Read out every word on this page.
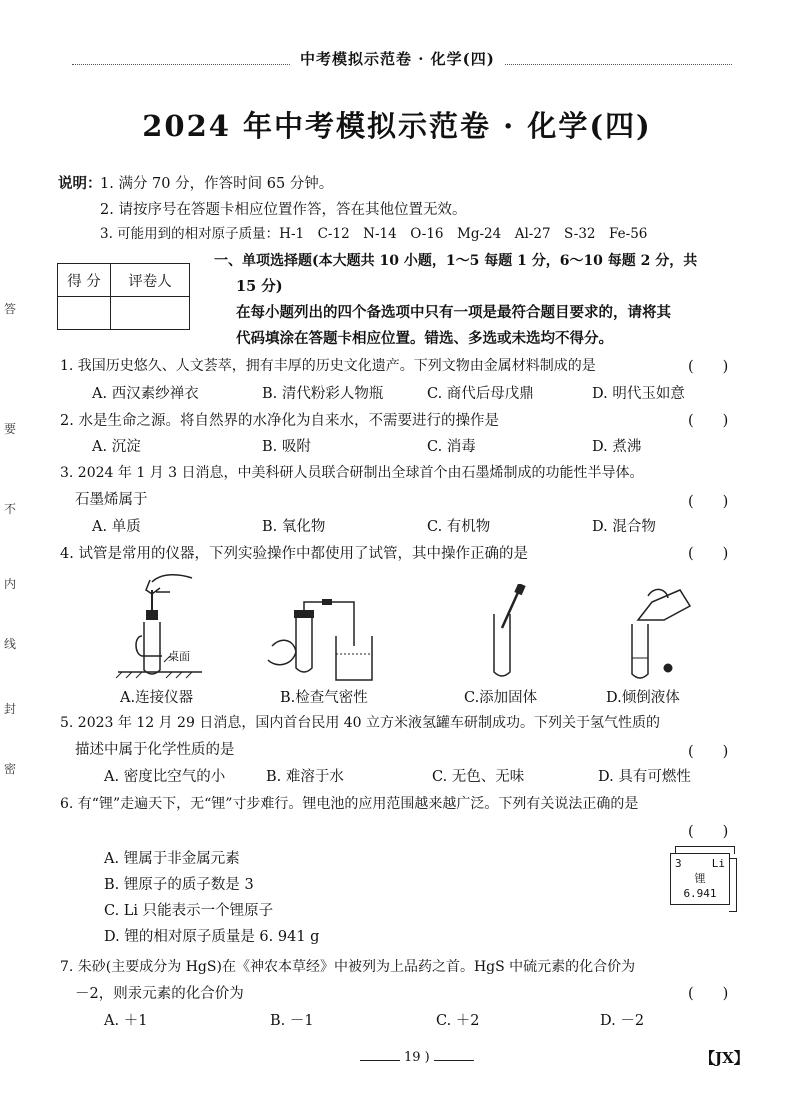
中考模拟示范卷 · 化学(四)
答
要
不
内
线
封
密
2024 年中考模拟示范卷 · 化学(四)
说明：
1. 满分 70 分，作答时间 65 分钟。
2. 请按序号在答题卡相应位置作答，答在其他位置无效。
3. 可能用到的相对原子质量：H-1　C-12　N-14　O-16　Mg-24　Al-27　S-32　Fe-56
得 分	评卷人

一、单项选择题(本大题共 10 小题，1～5 每题 1 分，6～10 每题 2 分，共
15 分)
在每小题列出的四个备选项中只有一项是最符合题目要求的，请将其
代码填涂在答题卡相应位置。错选、多选或未选均不得分。
1. 我国历史悠久、人文荟萃，拥有丰厚的历史文化遗产。下列文物由金属材料制成的是	(　　)
A. 西汉素纱禅衣	B. 清代粉彩人物瓶	C. 商代后母戊鼎	D. 明代玉如意
2. 水是生命之源。将自然界的水净化为自来水，不需要进行的操作是	(　　)
A. 沉淀	B. 吸附	C. 消毒	D. 煮沸
3. 2024 年 1 月 3 日消息，中美科研人员联合研制出全球首个由石墨烯制成的功能性半导体。
石墨烯属于	(　　)
A. 单质	B. 氧化物	C. 有机物	D. 混合物
4. 试管是常用的仪器，下列实验操作中都使用了试管，其中操作正确的是	(　　)
桌面
A.连接仪器	B.检查气密性	C.添加固体	D.倾倒液体
5. 2023 年 12 月 29 日消息，国内首台民用 40 立方米液氢罐车研制成功。下列关于氢气性质的
描述中属于化学性质的是	(　　)
A. 密度比空气的小	B. 难溶于水	C. 无色、无味	D. 具有可燃性
6. 有“锂”走遍天下，无“锂”寸步难行。锂电池的应用范围越来越广泛。下列有关说法正确的是
(　　)
A. 锂属于非金属元素
B. 锂原子的质子数是 3
C. Li 只能表示一个锂原子
D. 锂的相对原子质量是 6. 941 g
3	Li
锂
6.941
7. 朱砂(主要成分为 HgS)在《神农本草经》中被列为上品药之首。HgS 中硫元素的化合价为
－2，则汞元素的化合价为	(　　)
A. ＋1	B. －1	C. ＋2	D. －2
19 )	【JX】
